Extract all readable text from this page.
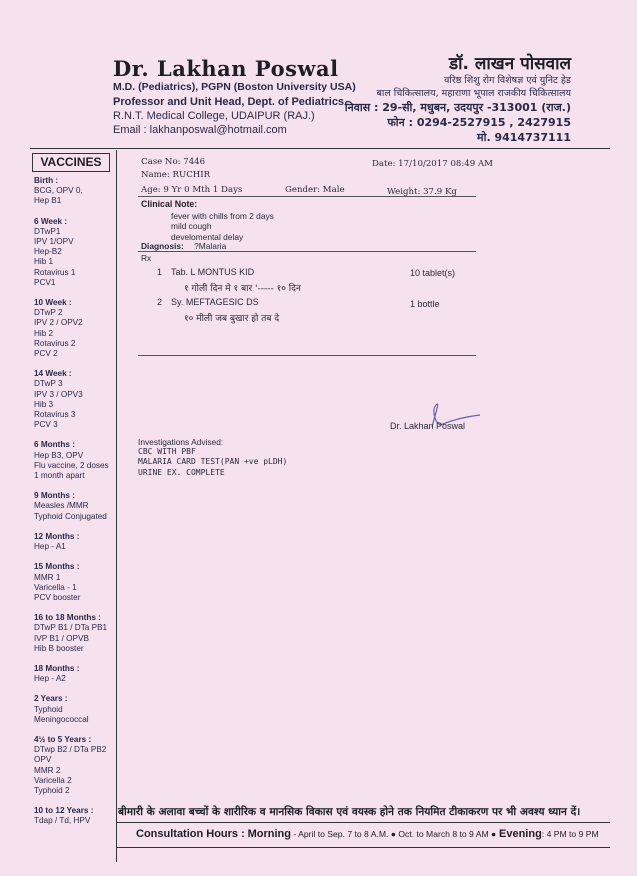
Dr. Lakhan Poswal
M.D. (Pediatrics), PGPN (Boston University USA)
Professor and Unit Head, Dept. of Pediatrics
R.N.T. Medical College, UDAIPUR (RAJ.)
Email : lakhanposwal@hotmail.com
डॉ. लाखन पोसवाल
वरिष्ठ शिशु रोग विशेषज्ञ एवं युनिट हेड
बाल चिकित्सालय, महाराणा भूपाल राजकीय चिकित्सालय
निवास : 29-सी, मधुबन, उदयपुर -313001 (राज.)
फोन : 0294-2527915 , 2427915
मो. 9414737111
VACCINES
Birth :
BCG, OPV 0,
Hep B1
6 Week :
DTwP1
IPV 1/OPV
Hep-B2
Hib 1
Rotavirus 1
PCV1
10 Week :
DTwP 2
IPV 2 / OPV2
Hib 2
Rotavirus 2
PCV 2
14 Week :
DTwP 3
IPV 3 / OPV3
Hib 3
Rotavirus 3
PCV 3
6 Months :
Hep B3, OPV
Flu vaccine, 2 doses
1 month apart
9 Months :
Measles /MMR
Typhoid Conjugated
12 Months :
Hep - A1
15 Months :
MMR 1
Varicella - 1
PCV booster
16 to 18 Months :
DTwP B1 / DTa PB1
IVP B1 / OPVB
Hib B booster
18 Months :
Hep - A2
2 Years :
Typhoid
Meningococcal
4½ to 5 Years :
DTwp B2 / DTa PB2
OPV
MMR 2
Varicella 2
Typhoid 2
10 to 12 Years :
Tdap / Td, HPV
Case No: 7446	Date: 17/10/2017 08:49 AM
Name: RUCHIR
Age: 9 Yr 0 Mth 1 Days	Gender: Male	Weight: 37.9 Kg
Clinical Note:
fever with chills from 2 days
mild cough
develomental delay
Diagnosis: ?Malaria
Rx
1 Tab. L MONTUS KID	10 tablet(s)
१ गोली दिन मे १ बार '----- १० दिन
2 Sy. MEFTAGESIC DS	1 bottle
१० मीली जब बुखार हो तब दे
Dr. Lakhan Poswal
Investigations Advised:
CBC WITH PBF
MALARIA CARD TEST(PAN +ve pLDH)
URINE EX. COMPLETE
बीमारी के अलावा बच्चों के शारीरिक व मानसिक विकास एवं वयस्क होने तक नियमित टीकाकरण पर भी अवश्य ध्यान दें।
Consultation Hours : Morning - April to Sep. 7 to 8 A.M. ● Oct. to March 8 to 9 AM ● Evening: 4 PM to 9 PM
